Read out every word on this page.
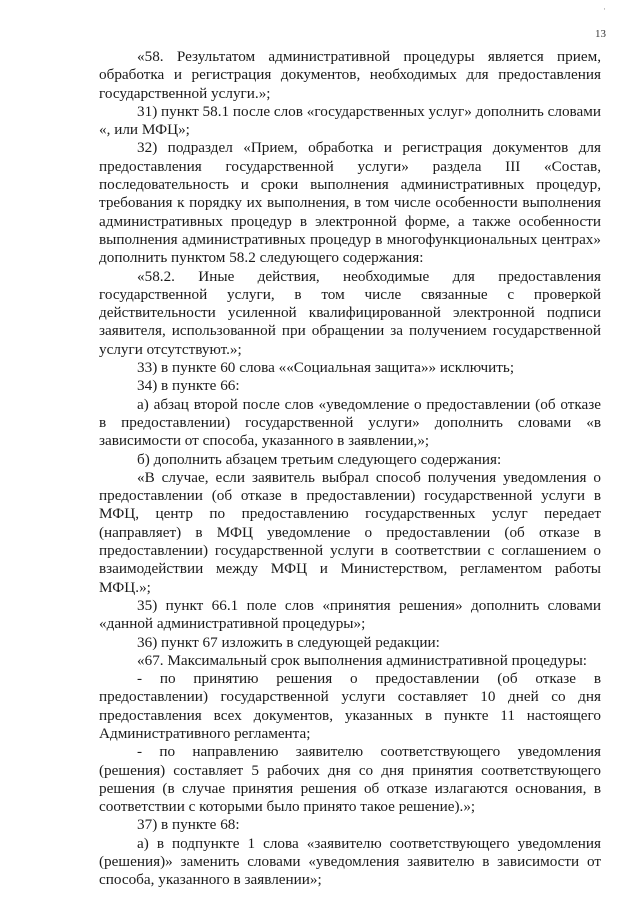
·
13

«58. Результатом административной процедуры является прием, обработка и регистрация документов, необходимых для предоставления государственной услуги.»;

31) пункт 58.1 после слов «государственных услуг» дополнить словами «, или МФЦ»;

32) подраздел «Прием, обработка и регистрация документов для предоставления государственной услуги» раздела III «Состав, последовательность и сроки выполнения административных процедур, требования к порядку их выполнения, в том числе особенности выполнения административных процедур в электронной форме, а также особенности выполнения административных процедур в многофункциональных центрах» дополнить пунктом 58.2 следующего содержания:

«58.2. Иные действия, необходимые для предоставления государственной услуги, в том числе связанные с проверкой действительности усиленной квалифицированной электронной подписи заявителя, использованной при обращении за получением государственной услуги отсутствуют.»;

33) в пункте 60 слова ««Социальная защита»» исключить;

34) в пункте 66:

а) абзац второй после слов «уведомление о предоставлении (об отказе в предоставлении) государственной услуги» дополнить словами «в зависимости от способа, указанного в заявлении,»;

б) дополнить абзацем третьим следующего содержания:

«В случае, если заявитель выбрал способ получения уведомления о предоставлении (об отказе в предоставлении) государственной услуги в МФЦ, центр по предоставлению государственных услуг передает (направляет) в МФЦ уведомление о предоставлении (об отказе в предоставлении) государственной услуги в соответствии с соглашением о взаимодействии между МФЦ и Министерством, регламентом работы МФЦ.»;

35) пункт 66.1 поле слов «принятия решения» дополнить словами «данной административной процедуры»;

36) пункт 67 изложить в следующей редакции:

«67. Максимальный срок выполнения административной процедуры:

- по принятию решения о предоставлении (об отказе в предоставлении) государственной услуги составляет 10 дней со дня предоставления всех документов, указанных в пункте 11 настоящего Административного регламента;

- по направлению заявителю соответствующего уведомления (решения) составляет 5 рабочих дня со дня принятия соответствующего решения (в случае принятия решения об отказе излагаются основания, в соответствии с которыми было принято такое решение).»;

37) в пункте 68:

а) в подпункте 1 слова «заявителю соответствующего уведомления (решения)» заменить словами «уведомления заявителю в зависимости от способа, указанного в заявлении»;
